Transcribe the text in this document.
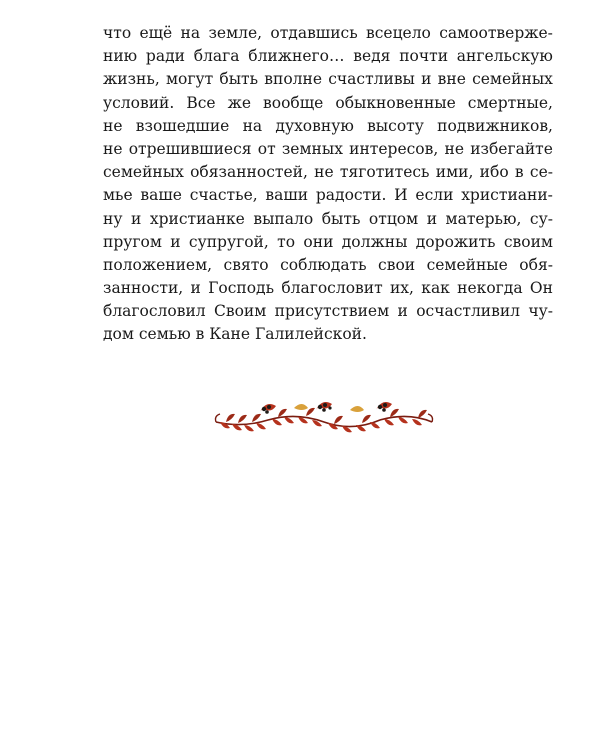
что ещё на земле, отдавшись всецело самоотверже-
нию ради блага ближнего… ведя почти ангельскую
жизнь, могут быть вполне счастливы и вне семейных
условий. Все же вообще обыкновенные смертные,
не взошедшие на духовную высоту подвижников,
не отрешившиеся от земных интересов, не избегайте
семейных обязанностей, не тяготитесь ими, ибо в се-
мье ваше счастье, ваши радости. И если христиани-
ну и христианке выпало быть отцом и матерью, су-
пругом и супругой, то они должны дорожить своим
положением, свято соблюдать свои семейные обя-
занности, и Господь благословит их, как некогда Он
благословил Своим присутствием и осчастливил чу-
дом семью в Кане Галилейской.
